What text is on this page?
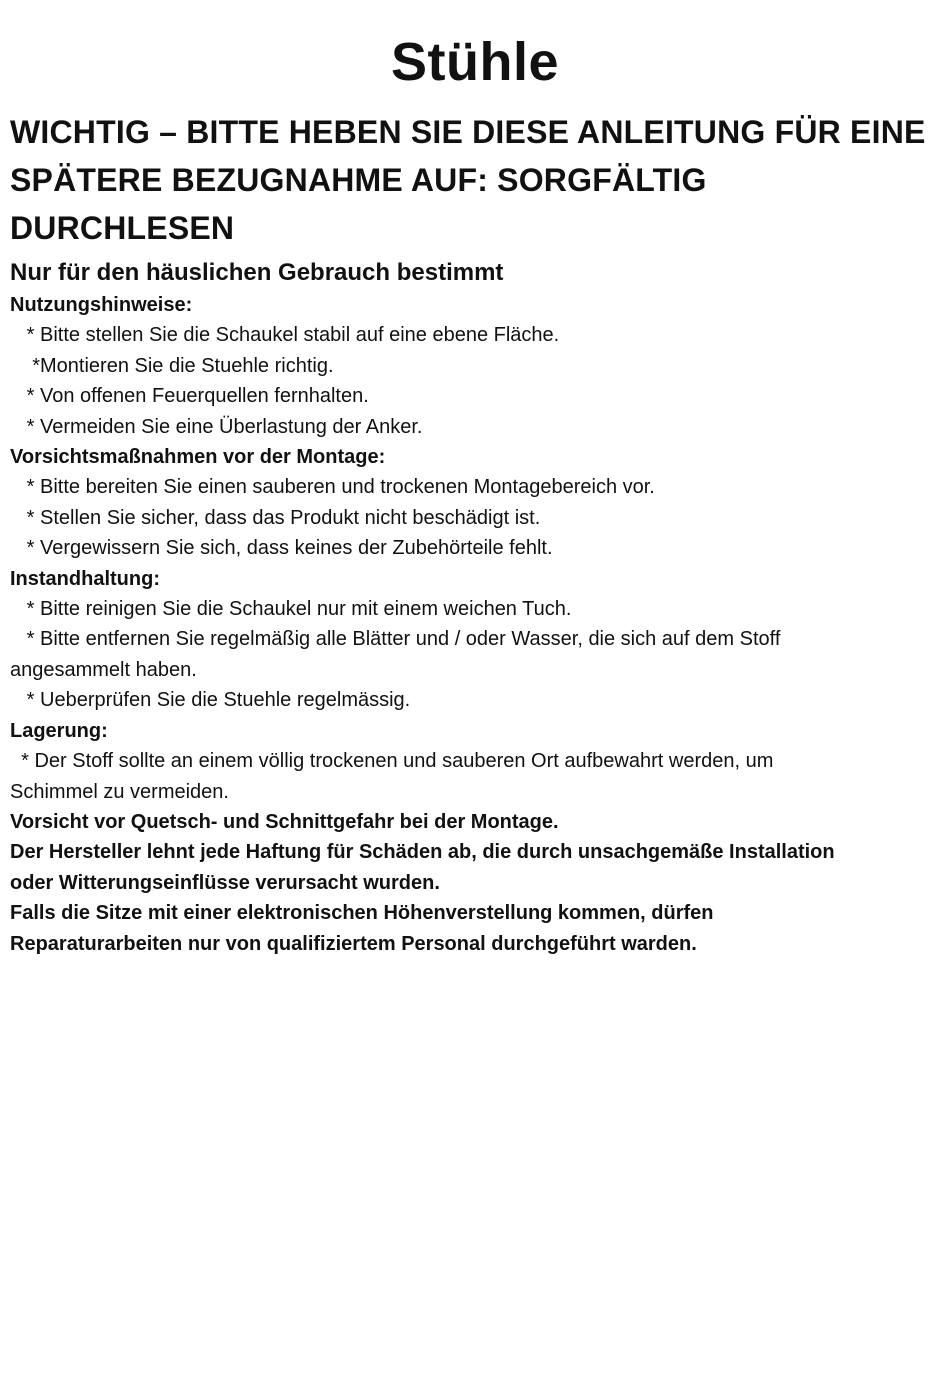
Stühle
WICHTIG – BITTE HEBEN SIE DIESE ANLEITUNG FÜR EINE
SPÄTERE BEZUGNAHME AUF: SORGFÄLTIG
DURCHLESEN
Nur für den häuslichen Gebrauch bestimmt
Nutzungshinweise:
* Bitte stellen Sie die Schaukel stabil auf eine ebene Fläche.
*Montieren Sie die Stuehle richtig.
* Von offenen Feuerquellen fernhalten.
* Vermeiden Sie eine Überlastung der Anker.
Vorsichtsmaßnahmen vor der Montage:
* Bitte bereiten Sie einen sauberen und trockenen Montagebereich vor.
* Stellen Sie sicher, dass das Produkt nicht beschädigt ist.
* Vergewissern Sie sich, dass keines der Zubehörteile fehlt.
Instandhaltung:
* Bitte reinigen Sie die Schaukel nur mit einem weichen Tuch.
* Bitte entfernen Sie regelmäßig alle Blätter und / oder Wasser, die sich auf dem Stoff
angesammelt haben.
* Ueberprüfen Sie die Stuehle regelmässig.
Lagerung:
* Der Stoff sollte an einem völlig trockenen und sauberen Ort aufbewahrt werden, um
Schimmel zu vermeiden.
Vorsicht vor Quetsch- und Schnittgefahr bei der Montage.
Der Hersteller lehnt jede Haftung für Schäden ab, die durch unsachgemäße Installation
oder Witterungseinflüsse verursacht wurden.
Falls die Sitze mit einer elektronischen Höhenverstellung kommen, dürfen
Reparaturarbeiten nur von qualifiziertem Personal durchgeführt warden.
